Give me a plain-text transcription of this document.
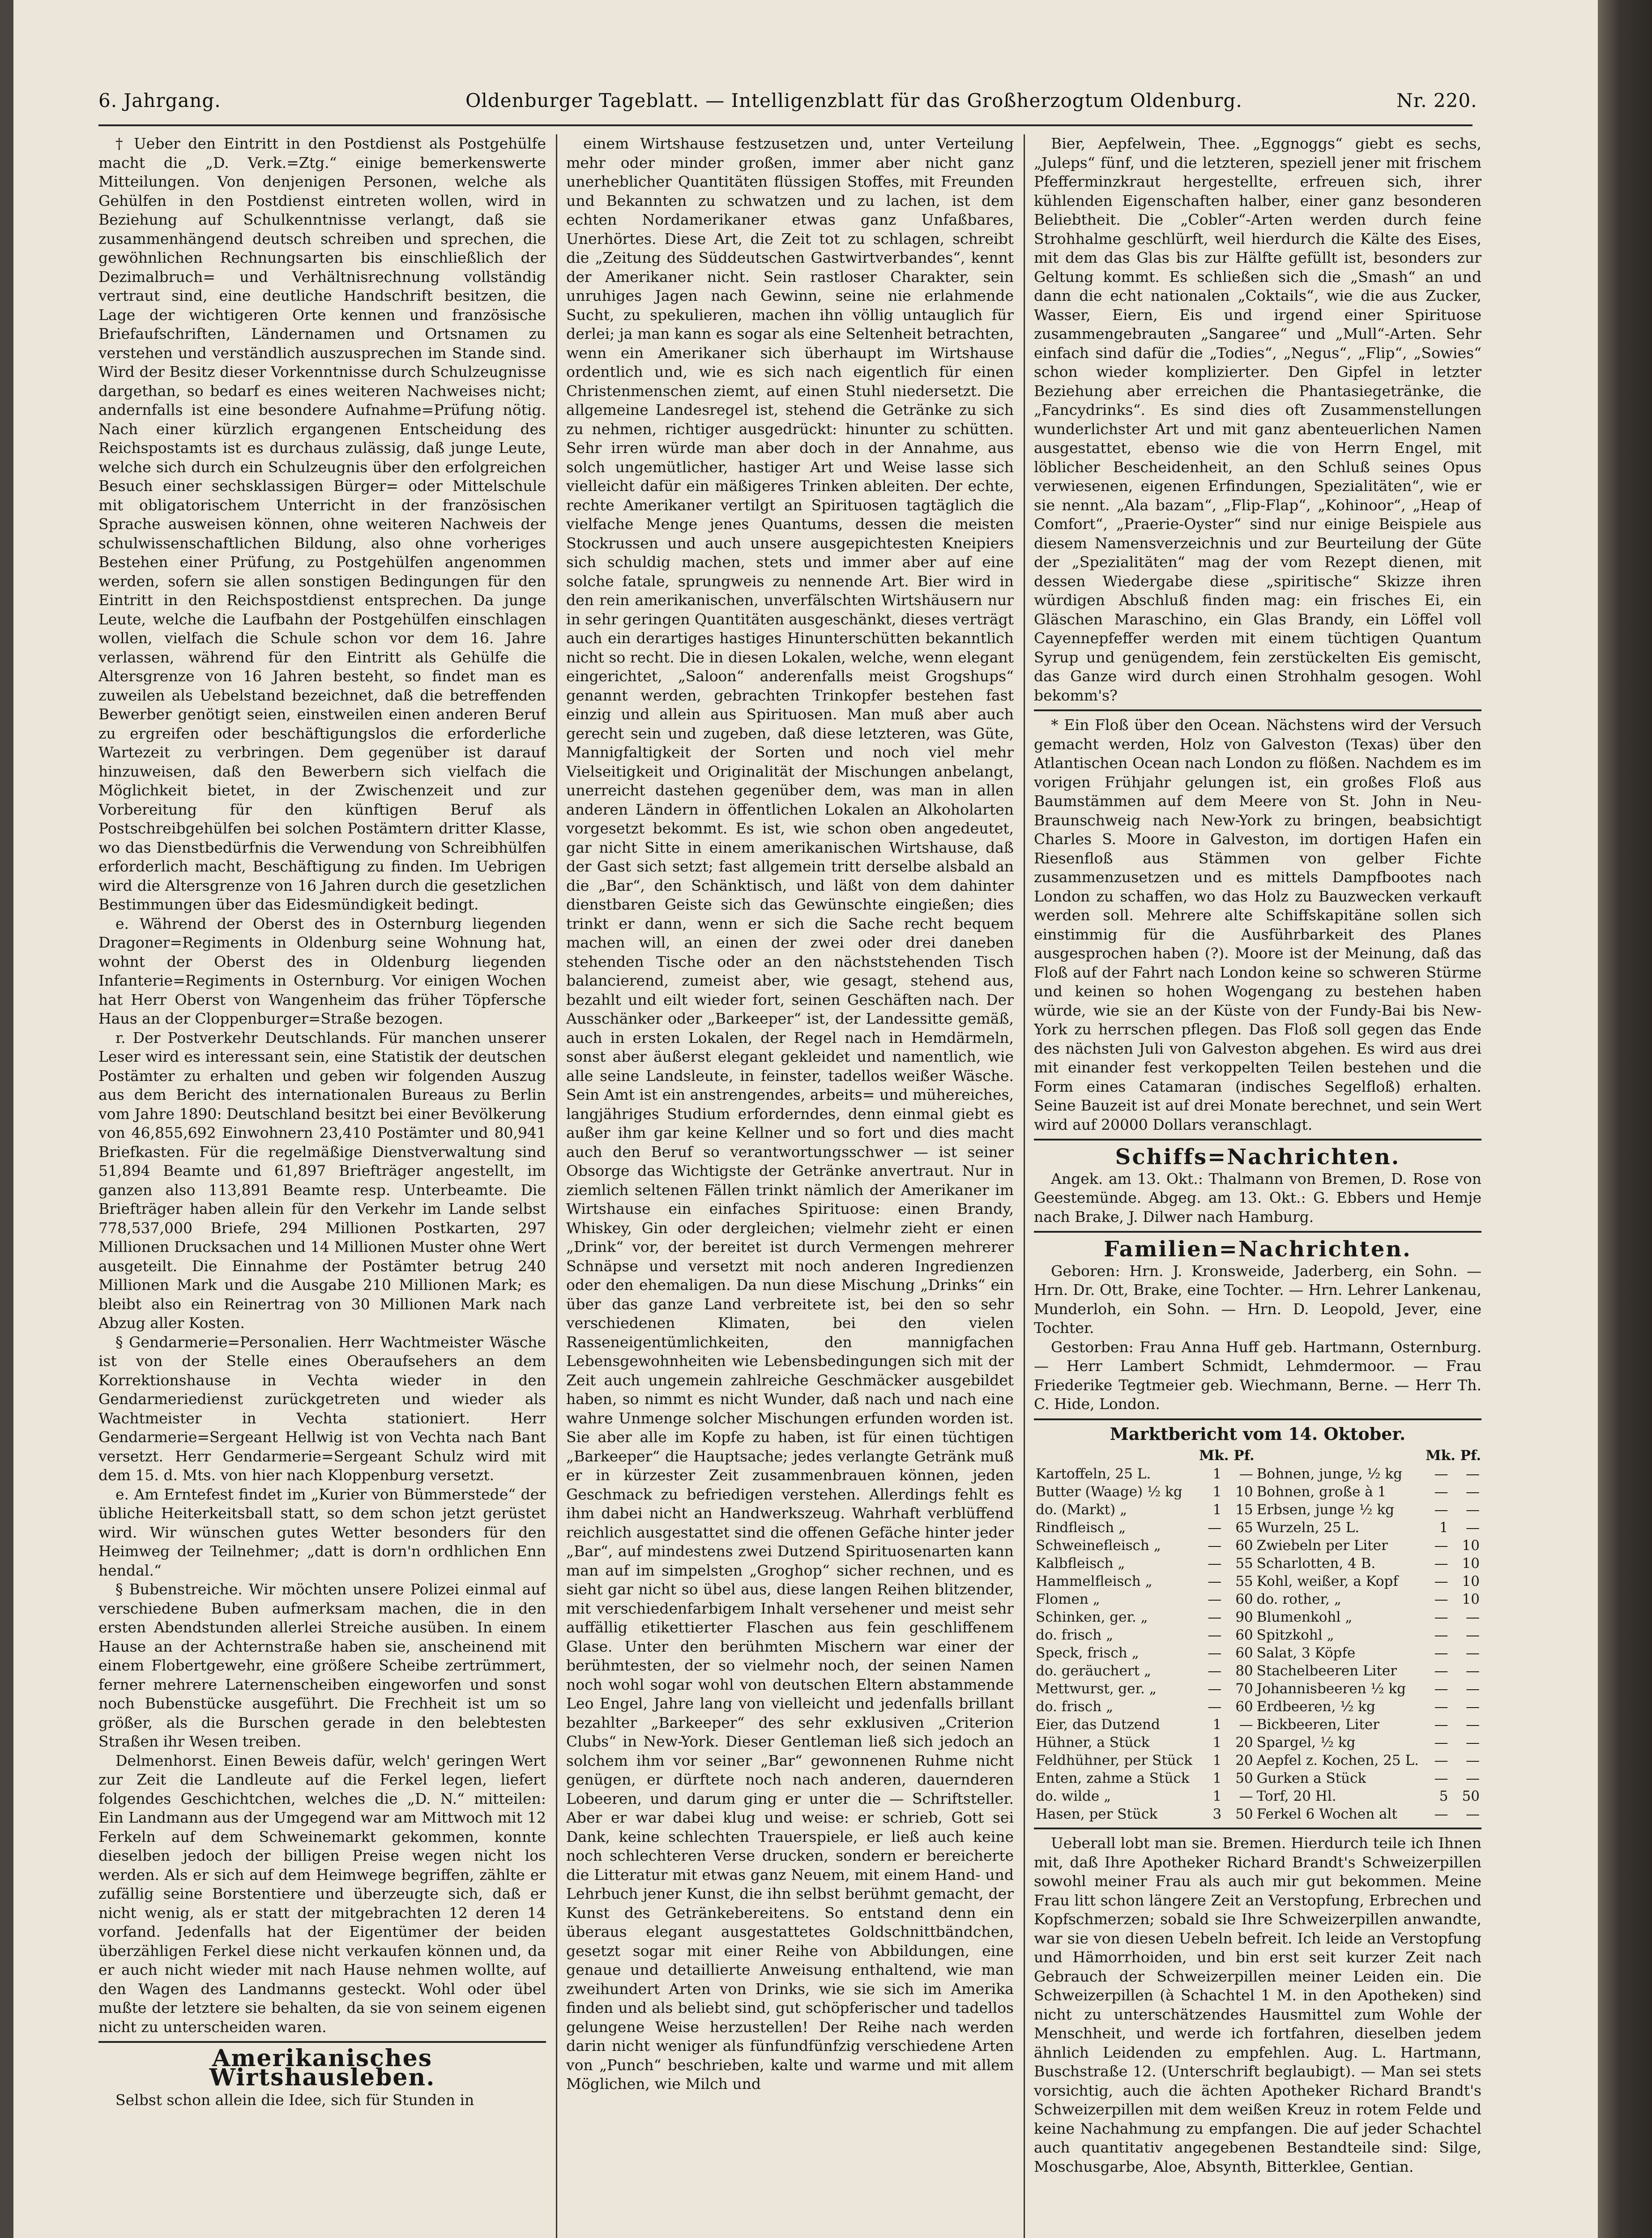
6. Jahrgang.	Oldenburger Tageblatt. — Intelligenzblatt für das Großherzogtum Oldenburg.	Nr. 220.

† Ueber den Eintritt in den Postdienst als Postgehülfe macht die „D. Verk.=Ztg.“ einige bemerkenswerte Mitteilungen. Von denjenigen Personen, welche als Gehülfen in den Postdienst eintreten wollen, wird in Beziehung auf Schulkenntnisse verlangt, daß sie zusammenhängend deutsch schreiben und sprechen, die gewöhnlichen Rechnungsarten bis einschließlich der Dezimalbruch= und Verhältnisrechnung vollständig vertraut sind, eine deutliche Handschrift besitzen, die Lage der wichtigeren Orte kennen und französische Briefaufschriften, Ländernamen und Ortsnamen zu verstehen und verständlich auszusprechen im Stande sind. Wird der Besitz dieser Vorkenntnisse durch Schulzeugnisse dargethan, so bedarf es eines weiteren Nachweises nicht; andernfalls ist eine besondere Aufnahme=Prüfung nötig. Nach einer kürzlich ergangenen Entscheidung des Reichspostamts ist es durchaus zulässig, daß junge Leute, welche sich durch ein Schulzeugnis über den erfolgreichen Besuch einer sechsklassigen Bürger= oder Mittelschule mit obligatorischem Unterricht in der französischen Sprache ausweisen können, ohne weiteren Nachweis der schulwissenschaftlichen Bildung, also ohne vorheriges Bestehen einer Prüfung, zu Postgehülfen angenommen werden, sofern sie allen sonstigen Bedingungen für den Eintritt in den Reichspostdienst entsprechen. Da junge Leute, welche die Laufbahn der Postgehülfen einschlagen wollen, vielfach die Schule schon vor dem 16. Jahre verlassen, während für den Eintritt als Gehülfe die Altersgrenze von 16 Jahren besteht, so findet man es zuweilen als Uebelstand bezeichnet, daß die betreffenden Bewerber genötigt seien, einstweilen einen anderen Beruf zu ergreifen oder beschäftigungslos die erforderliche Wartezeit zu verbringen. Dem gegenüber ist darauf hinzuweisen, daß den Bewerbern sich vielfach die Möglichkeit bietet, in der Zwischenzeit und zur Vorbereitung für den künftigen Beruf als Postschreibgehülfen bei solchen Postämtern dritter Klasse, wo das Dienstbedürfnis die Verwendung von Schreibhülfen erforderlich macht, Beschäftigung zu finden. Im Uebrigen wird die Altersgrenze von 16 Jahren durch die gesetzlichen Bestimmungen über das Eidesmündigkeit bedingt.

e. Während der Oberst des in Osternburg liegenden Dragoner=Regiments in Oldenburg seine Wohnung hat, wohnt der Oberst des in Oldenburg liegenden Infanterie=Regiments in Osternburg. Vor einigen Wochen hat Herr Oberst von Wangenheim das früher Töpfersche Haus an der Cloppenburger=Straße bezogen.

r. Der Postverkehr Deutschlands. Für manchen unserer Leser wird es interessant sein, eine Statistik der deutschen Postämter zu erhalten und geben wir folgenden Auszug aus dem Bericht des internationalen Bureaus zu Berlin vom Jahre 1890: Deutschland besitzt bei einer Bevölkerung von 46,855,692 Einwohnern 23,410 Postämter und 80,941 Briefkasten. Für die regelmäßige Dienstverwaltung sind 51,894 Beamte und 61,897 Briefträger angestellt, im ganzen also 113,891 Beamte resp. Unterbeamte. Die Briefträger haben allein für den Verkehr im Lande selbst 778,537,000 Briefe, 294 Millionen Postkarten, 297 Millionen Drucksachen und 14 Millionen Muster ohne Wert ausgeteilt. Die Einnahme der Postämter betrug 240 Millionen Mark und die Ausgabe 210 Millionen Mark; es bleibt also ein Reinertrag von 30 Millionen Mark nach Abzug aller Kosten.

§ Gendarmerie=Personalien. Herr Wachtmeister Wäsche ist von der Stelle eines Oberaufsehers an dem Korrektionshause in Vechta wieder in den Gendarmeriedienst zurückgetreten und wieder als Wachtmeister in Vechta stationiert. Herr Gendarmerie=Sergeant Hellwig ist von Vechta nach Bant versetzt. Herr Gendarmerie=Sergeant Schulz wird mit dem 15. d. Mts. von hier nach Kloppenburg versetzt.

e. Am Erntefest findet im „Kurier von Bümmerstede“ der übliche Heiterkeitsball statt, so dem schon jetzt gerüstet wird. Wir wünschen gutes Wetter besonders für den Heimweg der Teilnehmer; „datt is dorn'n ordhlichen Enn hendal.“

§ Bubenstreiche. Wir möchten unsere Polizei einmal auf verschiedene Buben aufmerksam machen, die in den ersten Abendstunden allerlei Streiche ausüben. In einem Hause an der Achternstraße haben sie, anscheinend mit einem Flobertgewehr, eine größere Scheibe zertrümmert, ferner mehrere Laternenscheiben eingeworfen und sonst noch Bubenstücke ausgeführt. Die Frechheit ist um so größer, als die Burschen gerade in den belebtesten Straßen ihr Wesen treiben.

Delmenhorst. Einen Beweis dafür, welch' geringen Wert zur Zeit die Landleute auf die Ferkel legen, liefert folgendes Geschichtchen, welches die „D. N.“ mitteilen: Ein Landmann aus der Umgegend war am Mittwoch mit 12 Ferkeln auf dem Schweinemarkt gekommen, konnte dieselben jedoch der billigen Preise wegen nicht los werden. Als er sich auf dem Heimwege begriffen, zählte er zufällig seine Borstentiere und überzeugte sich, daß er nicht wenig, als er statt der mitgebrachten 12 deren 14 vorfand. Jedenfalls hat der Eigentümer der beiden überzähligen Ferkel diese nicht verkaufen können und, da er auch nicht wieder mit nach Hause nehmen wollte, auf den Wagen des Landmanns gesteckt. Wohl oder übel mußte der letztere sie behalten, da sie von seinem eigenen nicht zu unterscheiden waren.

Amerikanisches Wirtshausleben.

Selbst schon allein die Idee, sich für Stunden in

einem Wirtshause festzusetzen und, unter Verteilung mehr oder minder großen, immer aber nicht ganz unerheblicher Quantitäten flüssigen Stoffes, mit Freunden und Bekannten zu schwatzen und zu lachen, ist dem echten Nordamerikaner etwas ganz Unfaßbares, Unerhörtes. Diese Art, die Zeit tot zu schlagen, schreibt die „Zeitung des Süddeutschen Gastwirtverbandes“, kennt der Amerikaner nicht. Sein rastloser Charakter, sein unruhiges Jagen nach Gewinn, seine nie erlahmende Sucht, zu spekulieren, machen ihn völlig untauglich für derlei; ja man kann es sogar als eine Seltenheit betrachten, wenn ein Amerikaner sich überhaupt im Wirtshause ordentlich und, wie es sich nach eigentlich für einen Christenmenschen ziemt, auf einen Stuhl niedersetzt. Die allgemeine Landesregel ist, stehend die Getränke zu sich zu nehmen, richtiger ausgedrückt: hinunter zu schütten. Sehr irren würde man aber doch in der Annahme, aus solch ungemütlicher, hastiger Art und Weise lasse sich vielleicht dafür ein mäßigeres Trinken ableiten. Der echte, rechte Amerikaner vertilgt an Spirituosen tagtäglich die vielfache Menge jenes Quantums, dessen die meisten Stockrussen und auch unsere ausgepichtesten Kneipiers sich schuldig machen, stets und immer aber auf eine solche fatale, sprungweis zu nennende Art. Bier wird in den rein amerikanischen, unverfälschten Wirtshäusern nur in sehr geringen Quantitäten ausgeschänkt, dieses verträgt auch ein derartiges hastiges Hinunterschütten bekanntlich nicht so recht. Die in diesen Lokalen, welche, wenn elegant eingerichtet, „Saloon“ anderenfalls meist Grogshups“ genannt werden, gebrachten Trinkopfer bestehen fast einzig und allein aus Spirituosen. Man muß aber auch gerecht sein und zugeben, daß diese letzteren, was Güte, Mannigfaltigkeit der Sorten und noch viel mehr Vielseitigkeit und Originalität der Mischungen anbelangt, unerreicht dastehen gegenüber dem, was man in allen anderen Ländern in öffentlichen Lokalen an Alkoholarten vorgesetzt bekommt. Es ist, wie schon oben angedeutet, gar nicht Sitte in einem amerikanischen Wirtshause, daß der Gast sich setzt; fast allgemein tritt derselbe alsbald an die „Bar“, den Schänktisch, und läßt von dem dahinter dienstbaren Geiste sich das Gewünschte eingießen; dies trinkt er dann, wenn er sich die Sache recht bequem machen will, an einen der zwei oder drei daneben stehenden Tische oder an den nächststehenden Tisch balancierend, zumeist aber, wie gesagt, stehend aus, bezahlt und eilt wieder fort, seinen Geschäften nach. Der Ausschänker oder „Barkeeper“ ist, der Landessitte gemäß, auch in ersten Lokalen, der Regel nach in Hemdärmeln, sonst aber äußerst elegant gekleidet und namentlich, wie alle seine Landsleute, in feinster, tadellos weißer Wäsche. Sein Amt ist ein anstrengendes, arbeits= und mühereiches, langjähriges Studium erforderndes, denn einmal giebt es außer ihm gar keine Kellner und so fort und dies macht auch den Beruf so verantwortungsschwer — ist seiner Obsorge das Wichtigste der Getränke anvertraut. Nur in ziemlich seltenen Fällen trinkt nämlich der Amerikaner im Wirtshause ein einfaches Spirituose: einen Brandy, Whiskey, Gin oder dergleichen; vielmehr zieht er einen „Drink“ vor, der bereitet ist durch Vermengen mehrerer Schnäpse und versetzt mit noch anderen Ingredienzen oder den ehemaligen. Da nun diese Mischung „Drinks“ ein über das ganze Land verbreitete ist, bei den so sehr verschiedenen Klimaten, bei den vielen Rasseneigentümlichkeiten, den mannigfachen Lebensgewohnheiten wie Lebensbedingungen sich mit der Zeit auch ungemein zahlreiche Geschmäcker ausgebildet haben, so nimmt es nicht Wunder, daß nach und nach eine wahre Unmenge solcher Mischungen erfunden worden ist. Sie aber alle im Kopfe zu haben, ist für einen tüchtigen „Barkeeper“ die Hauptsache; jedes verlangte Getränk muß er in kürzester Zeit zusammenbrauen können, jeden Geschmack zu befriedigen verstehen. Allerdings fehlt es ihm dabei nicht an Handwerkszeug. Wahrhaft verblüffend reichlich ausgestattet sind die offenen Gefäche hinter jeder „Bar“, auf mindestens zwei Dutzend Spirituosenarten kann man auf im simpelsten „Groghop“ sicher rechnen, und es sieht gar nicht so übel aus, diese langen Reihen blitzender, mit verschiedenfarbigem Inhalt versehener und meist sehr auffällig etikettierter Flaschen aus fein geschliffenem Glase. Unter den berühmten Mischern war einer der berühmtesten, der so vielmehr noch, der seinen Namen noch wohl sogar wohl von deutschen Eltern abstammende Leo Engel, Jahre lang von vielleicht und jedenfalls brillant bezahlter „Barkeeper“ des sehr exklusiven „Criterion Clubs“ in New-York. Dieser Gentleman ließ sich jedoch an solchem ihm vor seiner „Bar“ gewonnenen Ruhme nicht genügen, er dürftete noch nach anderen, dauernderen Lobeeren, und darum ging er unter die — Schriftsteller. Aber er war dabei klug und weise: er schrieb, Gott sei Dank, keine schlechten Trauerspiele, er ließ auch keine noch schlechteren Verse drucken, sondern er bereicherte die Litteratur mit etwas ganz Neuem, mit einem Hand- und Lehrbuch jener Kunst, die ihn selbst berühmt gemacht, der Kunst des Getränkebereitens. So entstand denn ein überaus elegant ausgestattetes Goldschnittbändchen, gesetzt sogar mit einer Reihe von Abbildungen, eine genaue und detaillierte Anweisung enthaltend, wie man zweihundert Arten von Drinks, wie sie sich im Amerika finden und als beliebt sind, gut schöpferischer und tadellos gelungene Weise herzustellen! Der Reihe nach werden darin nicht weniger als fünfundfünfzig verschiedene Arten von „Punch“ beschrieben, kalte und warme und mit allem Möglichen, wie Milch und

Bier, Aepfelwein, Thee. „Eggnoggs“ giebt es sechs, „Juleps“ fünf, und die letzteren, speziell jener mit frischem Pfefferminzkraut hergestellte, erfreuen sich, ihrer kühlenden Eigenschaften halber, einer ganz besonderen Beliebtheit. Die „Cobler“-Arten werden durch feine Strohhalme geschlürft, weil hierdurch die Kälte des Eises, mit dem das Glas bis zur Hälfte gefüllt ist, besonders zur Geltung kommt. Es schließen sich die „Smash“ an und dann die echt nationalen „Coktails“, wie die aus Zucker, Wasser, Eiern, Eis und irgend einer Spirituose zusammengebrauten „Sangaree“ und „Mull“-Arten. Sehr einfach sind dafür die „Todies“, „Negus“, „Flip“, „Sowies“ schon wieder komplizierter. Den Gipfel in letzter Beziehung aber erreichen die Phantasiegetränke, die „Fancydrinks“. Es sind dies oft Zusammenstellungen wunderlichster Art und mit ganz abenteuerlichen Namen ausgestattet, ebenso wie die von Herrn Engel, mit löblicher Bescheidenheit, an den Schluß seines Opus verwiesenen, eigenen Erfindungen, Spezialitäten“, wie er sie nennt. „Ala bazam“, „Flip-Flap“, „Kohinoor“, „Heap of Comfort“, „Praerie-Oyster“ sind nur einige Beispiele aus diesem Namensverzeichnis und zur Beurteilung der Güte der „Spezialitäten“ mag der vom Rezept dienen, mit dessen Wiedergabe diese „spiritische“ Skizze ihren würdigen Abschluß finden mag: ein frisches Ei, ein Gläschen Maraschino, ein Glas Brandy, ein Löffel voll Cayennepfeffer werden mit einem tüchtigen Quantum Syrup und genügendem, fein zerstückelten Eis gemischt, das Ganze wird durch einen Strohhalm gesogen. Wohl bekomm's?

* Ein Floß über den Ocean. Nächstens wird der Versuch gemacht werden, Holz von Galveston (Texas) über den Atlantischen Ocean nach London zu flößen. Nachdem es im vorigen Frühjahr gelungen ist, ein großes Floß aus Baumstämmen auf dem Meere von St. John in Neu-Braunschweig nach New-York zu bringen, beabsichtigt Charles S. Moore in Galveston, im dortigen Hafen ein Riesenfloß aus Stämmen von gelber Fichte zusammenzusetzen und es mittels Dampfbootes nach London zu schaffen, wo das Holz zu Bauzwecken verkauft werden soll. Mehrere alte Schiffskapitäne sollen sich einstimmig für die Ausführbarkeit des Planes ausgesprochen haben (?). Moore ist der Meinung, daß das Floß auf der Fahrt nach London keine so schweren Stürme und keinen so hohen Wogengang zu bestehen haben würde, wie sie an der Küste von der Fundy-Bai bis New-York zu herrschen pflegen. Das Floß soll gegen das Ende des nächsten Juli von Galveston abgehen. Es wird aus drei mit einander fest verkoppelten Teilen bestehen und die Form eines Catamaran (indisches Segelfloß) erhalten. Seine Bauzeit ist auf drei Monate berechnet, und sein Wert wird auf 20000 Dollars veranschlagt.

Schiffs=Nachrichten.

Angek. am 13. Okt.: Thalmann von Bremen, D. Rose von Geestemünde. Abgeg. am 13. Okt.: G. Ebbers und Hemje nach Brake, J. Dilwer nach Hamburg.

Familien=Nachrichten.

Geboren: Hrn. J. Kronsweide, Jaderberg, ein Sohn. — Hrn. Dr. Ott, Brake, eine Tochter. — Hrn. Lehrer Lankenau, Munderloh, ein Sohn. — Hrn. D. Leopold, Jever, eine Tochter.

Gestorben: Frau Anna Huff geb. Hartmann, Osternburg. — Herr Lambert Schmidt, Lehmdermoor. — Frau Friederike Tegtmeier geb. Wiechmann, Berne. — Herr Th. C. Hide, London.

Marktbericht vom 14. Oktober.
	Mk. Pf.			Mk. Pf.	
Kartoffeln, 25 L.	1	—	Bohnen, junge, ½ kg	—	—
Butter (Waage) ½ kg	1	10	Bohnen, große à 1	—	—
do. (Markt) „	1	15	Erbsen, junge ½ kg	—	—
Rindfleisch „	—	65	Wurzeln, 25 L.	1	—
Schweinefleisch „	—	60	Zwiebeln per Liter	—	10
Kalbfleisch „	—	55	Scharlotten, 4 B.	—	10
Hammelfleisch „	—	55	Kohl, weißer, a Kopf	—	10
Flomen „	—	60	do. rother, „	—	10
Schinken, ger. „	—	90	Blumenkohl „	—	—
do. frisch „	—	60	Spitzkohl „	—	—
Speck, frisch „	—	60	Salat, 3 Köpfe	—	—
do. geräuchert „	—	80	Stachelbeeren Liter	—	—
Mettwurst, ger. „	—	70	Johannisbeeren ½ kg	—	—
do. frisch „	—	60	Erdbeeren, ½ kg	—	—
Eier, das Dutzend	1	—	Bickbeeren, Liter	—	—
Hühner, a Stück	1	20	Spargel, ½ kg	—	—
Feldhühner, per Stück	1	20	Aepfel z. Kochen, 25 L.	—	—
Enten, zahme a Stück	1	50	Gurken a Stück	—	—
do. wilde „	1	—	Torf, 20 Hl.	5	50
Hasen, per Stück	3	50	Ferkel 6 Wochen alt	—	—

Ueberall lobt man sie. Bremen. Hierdurch teile ich Ihnen mit, daß Ihre Apotheker Richard Brandt's Schweizerpillen sowohl meiner Frau als auch mir gut bekommen. Meine Frau litt schon längere Zeit an Verstopfung, Erbrechen und Kopfschmerzen; sobald sie Ihre Schweizerpillen anwandte, war sie von diesen Uebeln befreit. Ich leide an Verstopfung und Hämorrhoiden, und bin erst seit kurzer Zeit nach Gebrauch der Schweizerpillen meiner Leiden ein. Die Schweizerpillen (à Schachtel 1 M. in den Apotheken) sind nicht zu unterschätzendes Hausmittel zum Wohle der Menschheit, und werde ich fortfahren, dieselben jedem ähnlich Leidenden zu empfehlen. Aug. L. Hartmann, Buschstraße 12. (Unterschrift beglaubigt). — Man sei stets vorsichtig, auch die ächten Apotheker Richard Brandt's Schweizerpillen mit dem weißen Kreuz in rotem Felde und keine Nachahmung zu empfangen. Die auf jeder Schachtel auch quantitativ angegebenen Bestandteile sind: Silge, Moschusgarbe, Aloe, Absynth, Bitterklee, Gentian.
